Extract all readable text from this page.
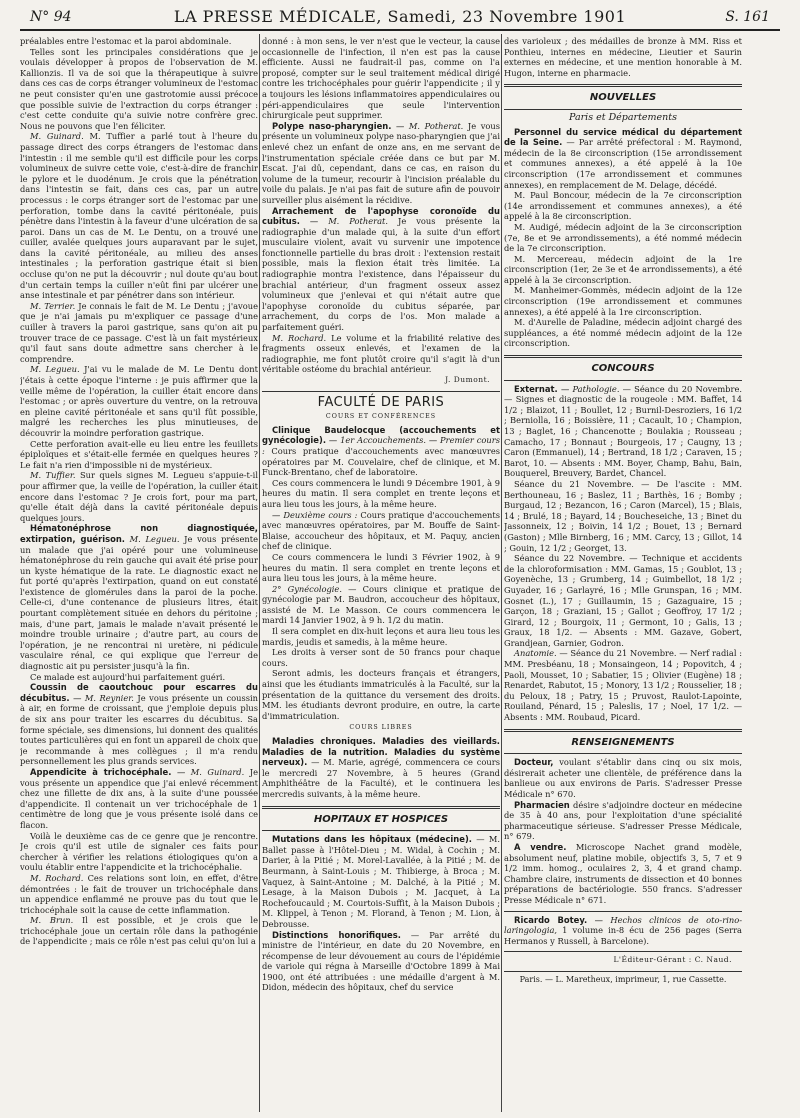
N° 94	LA PRESSE MÉDICALE, Samedi, 23 Novembre 1901	S. 161

préalables entre l'estomac et la paroi abdominale.

Telles sont les principales considérations que je voulais développer à propos de l'observation de M. Kallionzis. Il va de soi que la thérapeutique à suivre dans ces cas de corps étranger volumineux de l'estomac ne peut consister qu'en une gastrotomie aussi précoce que possible suivie de l'extraction du corps étranger : c'est cette conduite qu'a suivie notre confrère grec. Nous ne pouvons que l'en féliciter.

M. Guinard. M. Tuffier a parlé tout à l'heure du passage direct des corps étrangers de l'estomac dans l'intestin : il me semble qu'il est difficile pour les corps volumineux de suivre cette voie, c'est-à-dire de franchir le pylore et le duodénum. Je crois que la pénétration dans l'intestin se fait, dans ces cas, par un autre processus : le corps étranger sort de l'estomac par une perforation, tombe dans la cavité péritonéale, puis pénètre dans l'intestin à la faveur d'une ulcération de sa paroi. Dans un cas de M. Le Dentu, on a trouvé une cuiller, avalée quelques jours auparavant par le sujet, dans la cavité péritonéale, au milieu des anses intestinales ; la perforation gastrique était si bien occluse qu'on ne put la découvrir ; nul doute qu'au bout d'un certain temps la cuiller n'eût fini par ulcérer une anse intestinale et par pénétrer dans son intérieur.

M. Terrier. Je connais le fait de M. Le Dentu ; j'avoue que je n'ai jamais pu m'expliquer ce passage d'une cuiller à travers la paroi gastrique, sans qu'on ait pu trouver trace de ce passage. C'est là un fait mystérieux qu'il faut sans doute admettre sans chercher à le comprendre.

M. Legueu. J'ai vu le malade de M. Le Dentu dont j'étais à cette époque l'interne : je puis affirmer que la veille même de l'opération, la cuiller était encore dans l'estomac ; or après ouverture du ventre, on la retrouva en pleine cavité péritonéale et sans qu'il fût possible, malgré les recherches les plus minutieuses, de découvrir la moindre perforation gastrique.

Cette perforation avait-elle eu lieu entre les feuillets épiploïques et s'était-elle fermée en quelques heures ? Le fait n'a rien d'impossible ni de mystérieux.

M. Tuffier. Sur quels signes M. Legueu s'appuie-t-il pour affirmer que, la veille de l'opération, la cuiller était encore dans l'estomac ? Je crois fort, pour ma part, qu'elle était déjà dans la cavité péritonéale depuis quelques jours.

Hématonéphrose non diagnostiquée, extirpation, guérison. M. Legueu. Je vous présente un malade que j'ai opéré pour une volumineuse hématonéphrose du rein gauche qui avait été prise pour un kyste hématique de la rate. Le diagnostic exact ne fut porté qu'après l'extirpation, quand on eut constaté l'existence de glomérules dans la paroi de la poche. Celle-ci, d'une contenance de plusieurs litres, était pourtant complètement située en dehors du péritoine ; mais, d'une part, jamais le malade n'avait présenté le moindre trouble urinaire ; d'autre part, au cours de l'opération, je ne rencontrai ni uretère, ni pédicule vasculaire rénal, ce qui explique que l'erreur de diagnostic ait pu persister jusqu'à la fin.

Ce malade est aujourd'hui parfaitement guéri.

Coussin de caoutchouc pour escarres du décubitus. — M. Reynier. Je vous présente un coussin à air, en forme de croissant, que j'emploie depuis plus de six ans pour traiter les escarres du décubitus. Sa forme spéciale, ses dimensions, lui donnent des qualités toutes particulières qui en font un appareil de choix que je recommande à mes collègues ; il m'a rendu personnellement les plus grands services.

Appendicite à trichocéphale. — M. Guinard. Je vous présente un appendice que j'ai enlevé récemment chez une fillette de dix ans, à la suite d'une poussée d'appendicite. Il contenait un ver trichocéphale de 1 centimètre de long que je vous présente isolé dans ce flacon.

Voilà le deuxième cas de ce genre que je rencontre. Je crois qu'il est utile de signaler ces faits pour chercher à vérifier les relations étiologiques qu'on a voulu établir entre l'appendicite et la trichocéphalie.

M. Rochard. Ces relations sont loin, en effet, d'être démontrées : le fait de trouver un trichocéphale dans un appendice enflammé ne prouve pas du tout que le trichocéphale soit la cause de cette inflammation.

M. Brun. Il est possible, et je crois que le trichocéphale joue un certain rôle dans la pathogénie de l'appendicite ; mais ce rôle n'est pas celui qu'on lui a

donné : à mon sens, le ver n'est que le vecteur, la cause occasionnelle de l'infection, il n'en est pas la cause efficiente. Aussi ne faudrait-il pas, comme on l'a proposé, compter sur le seul traitement médical dirigé contre les trichocéphales pour guérir l'appendicite ; il y a toujours les lésions inflammatoires appendiculaires ou péri-appendiculaires que seule l'intervention chirurgicale peut supprimer.

Polype naso-pharyngien. — M. Potherat. Je vous présente un volumineux polype naso-pharyngien que j'ai enlevé chez un enfant de onze ans, en me servant de l'instrumentation spéciale créée dans ce but par M. Escat. J'ai dû, cependant, dans ce cas, en raison du volume de la tumeur, recourir à l'incision préalable du voile du palais. Je n'ai pas fait de suture afin de pouvoir surveiller plus aisément la récidive.

Arrachement de l'apophyse coronoïde du cubitus. — M. Potherat. Je vous présente la radiographie d'un malade qui, à la suite d'un effort musculaire violent, avait vu survenir une impotence fonctionnelle partielle du bras droit : l'extension restait possible, mais la flexion était très limitée. La radiographie montra l'existence, dans l'épaisseur du brachial antérieur, d'un fragment osseux assez volumineux que j'enlevai et qui n'était autre que l'apophyse coronoïde du cubitus séparée, par arrachement, du corps de l'os. Mon malade a parfaitement guéri.

M. Rochard. Le volume et la friabilité relative des fragments osseux enlevés, et l'examen de la radiographie, me font plutôt croire qu'il s'agit là d'un véritable ostéome du brachial antérieur.

J. Dumont.
FACULTÉ DE PARIS
COURS ET CONFÉRENCES

Clinique Baudelocque (accouchements et gynécologie). — 1er Accouchements. — Premier cours : Cours pratique d'accouchements avec manœuvres opératoires par M. Couvelaire, chef de clinique, et M. Funck-Brentano, chef de laboratoire.

Ces cours commencera le lundi 9 Décembre 1901, à 9 heures du matin. Il sera complet en trente leçons et aura lieu tous les jours, à la même heure.

— Deuxième cours : Cours pratique d'accouchements avec manœuvres opératoires, par M. Bouffe de Saint-Blaise, accoucheur des hôpitaux, et M. Paquy, ancien chef de clinique.

Ce cours commencera le lundi 3 Février 1902, à 9 heures du matin. Il sera complet en trente leçons et aura lieu tous les jours, à la même heure.

2° Gynécologie. — Cours clinique et pratique de gynécologie par M. Baudron, accoucheur des hôpitaux, assisté de M. Le Masson. Ce cours commencera le mardi 14 Janvier 1902, à 9 h. 1/2 du matin.

Il sera complet en dix-huit leçons et aura lieu tous les mardis, jeudis et samedis, à la même heure.

Les droits à verser sont de 50 francs pour chaque cours.

Seront admis, les docteurs français et étrangers, ainsi que les étudiants immatriculés à la Faculté, sur la présentation de la quittance du versement des droits. MM. les étudiants devront produire, en outre, la carte d'immatriculation.

COURS LIBRES

Maladies chroniques. Maladies des vieillards. Maladies de la nutrition. Maladies du système nerveux). — M. Marie, agrégé, commencera ce cours le mercredi 27 Novembre, à 5 heures (Grand Amphithéâtre de la Faculté), et le continuera les mercredis suivants, à la même heure.

HOPITAUX ET HOSPICES

Mutations dans les hôpitaux (médecine). — M. Ballet passe à l'Hôtel-Dieu ; M. Widal, à Cochin ; M. Darier, à la Pitié ; M. Morel-Lavallée, à la Pitié ; M. de Beurmann, à Saint-Louis ; M. Thibierge, à Broca ; M. Vaquez, à Saint-Antoine ; M. Dalché, à la Pitié ; M. Lesage, à la Maison Dubois ; M. Jacquet, à La Rochefoucauld ; M. Courtois-Suffit, à la Maison Dubois ; M. Klippel, à Tenon ; M. Florand, à Tenon ; M. Lion, à Debrousse.

Distinctions honorifiques. — Par arrêté du ministre de l'intérieur, en date du 20 Novembre, en récompense de leur dévouement au cours de l'épidémie de variole qui régna à Marseille d'Octobre 1899 à Mai 1900, ont été attribuées : une médaille d'argent à M. Didon, médecin des hôpitaux, chef du service

des varioleux ; des médailles de bronze à MM. Riss et Ponthieu, internes en médecine, Lieutier et Saurin externes en médecine, et une mention honorable à M. Hugon, interne en pharmacie.

NOUVELLES
Paris et Départements

Personnel du service médical du département de la Seine. — Par arrêté préfectoral : M. Raymond, médecin de la 8e circonscription (15e arrondissement et communes annexes), a été appelé à la 10e circonscription (17e arrondissement et communes annexes), en remplacement de M. Delage, décédé.

M. Paul Boncour, médecin de la 7e circonscription (14e arrondissement et communes annexes), a été appelé à la 8e circonscription.

M. Audigé, médecin adjoint de la 3e circonscription (7e, 8e et 9e arrondissements), a été nommé médecin de la 7e circonscription.

M. Mercereau, médecin adjoint de la 1re circonscription (1er, 2e 3e et 4e arrondissements), a été appelé à la 3e circonscription.

M. Manheimer-Gommès, médecin adjoint de la 12e circonscription (19e arrondissement et communes annexes), a été appelé à la 1re circonscription.

M. d'Aurelle de Paladine, médecin adjoint chargé des suppléances, a été nommé médecin adjoint de la 12e circonscription.

CONCOURS

Externat. — Pathologie. — Séance du 20 Novembre. — Signes et diagnostic de la rougeole : MM. Baffet, 14 1/2 ; Blaizot, 11 ; Boullet, 12 ; Burnil-Desroziers, 16 1/2 ; Berniolla, 16 ; Boissière, 11 ; Cacault, 10 ; Champion, 13 ; Baglet, 16 ; Chancenotte ; Boulakia ; Rousseau ; Camacho, 17 ; Bonnaut ; Bourgeois, 17 ; Caugny, 13 ; Caron (Emmanuel), 14 ; Bertrand, 18 1/2 ; Caraven, 15 ; Barot, 10. — Absents : MM. Boyer, Champ, Bahu, Bain, Bouquerel, Breuvery, Bardet, Chancel.

Séance du 21 Novembre. — De l'ascite : MM. Berthouneau, 16 ; Baslez, 11 ; Barthès, 16 ; Bomby ; Burgaud, 12 ; Bezancon, 16 ; Caron (Marcel), 15 ; Blais, 14 ; Brulé, 18 ; Bayard, 14 ; Boucheseiche, 13 ; Binet du Jassonneix, 12 ; Boivin, 14 1/2 ; Bouet, 13 ; Bernard (Gaston) ; Mlle Birnberg, 16 ; MM. Carcy, 13 ; Gillot, 14 ; Gouin, 12 1/2 ; Georget, 13.

Séance du 22 Novembre. — Technique et accidents de la chloroformisation : MM. Gamas, 15 ; Goublot, 13 ; Goyenèche, 13 ; Grumberg, 14 ; Guimbellot, 18 1/2 ; Guyader, 16 ; Garlayré, 16 ; Mlle Grunspan, 16 ; MM. Gosnet (L.), 17 ; Guillaumin, 15 ; Gazaguaire, 15 ; Garçon, 18 ; Graziani, 15 ; Gallot ; Geoffroy, 17 1/2 ; Girard, 12 ; Bourgoix, 11 ; Germont, 10 ; Galis, 13 ; Graux, 18 1/2. — Absents : MM. Gazave, Gobert, Grandjean, Garnier, Godron.

Anatomie. — Séance du 21 Novembre. — Nerf radial : MM. Presbéanu, 18 ; Monsaingeon, 14 ; Popovitch, 4 ; Paoli, Mousset, 10 ; Sabatier, 15 ; Olivier (Eugène) 18 ; Renardet, Rabutot, 15 ; Monory, 13 1/2 ; Rousselier, 18 ; du Peloux, 18 ; Patry, 15 ; Pruvost, Raulot-Lapointe, Rouiland, Pénard, 15 ; Paleslis, 17 ; Noel, 17 1/2. — Absents : MM. Roubaud, Picard.

RENSEIGNEMENTS

Docteur, voulant s'établir dans cinq ou six mois, désirerait acheter une clientèle, de préférence dans la banlieue ou aux environs de Paris. S'adresser Presse Médicale n° 670.

Pharmacien désire s'adjoindre docteur en médecine de 35 à 40 ans, pour l'exploitation d'une spécialité pharmaceutique sérieuse. S'adresser Presse Médicale, n° 679.

A vendre. Microscope Nachet grand modèle, absolument neuf, platine mobile, objectifs 3, 5, 7 et 9 1/2 imm. homog., oculaires 2, 3, 4 et grand champ. Chambre claire, instruments de dissection et 40 bonnes préparations de bactériologie. 550 francs. S'adresser Presse Médicale n° 671.

Ricardo Botey. — Hechos clinicos de oto-rino-laringologia, 1 volume in-8 écu de 256 pages (Serra Hermanos y Russell, à Barcelone).

L'Éditeur-Gérant : C. Naud.
Paris. — L. Maretheux, imprimeur, 1, rue Cassette.
